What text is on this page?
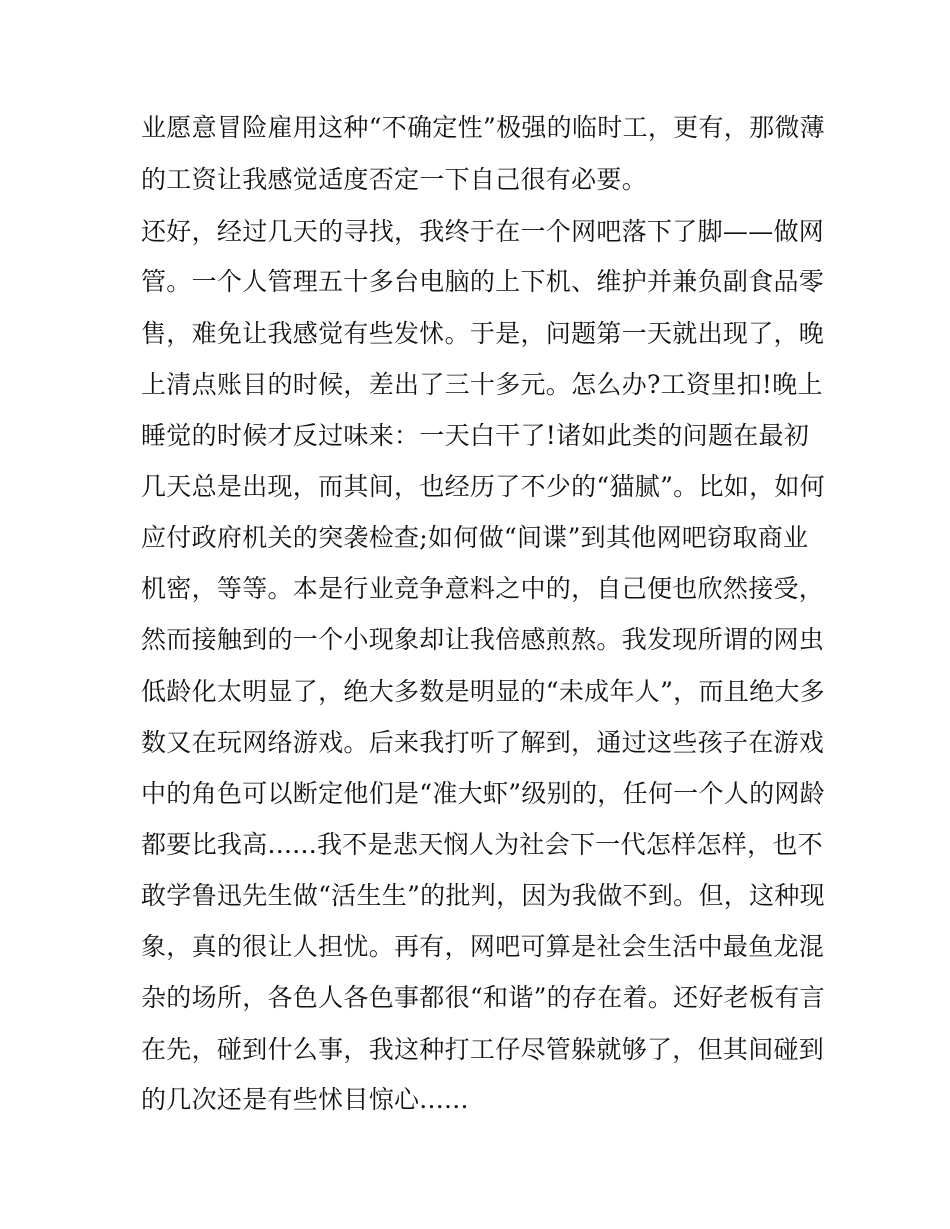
业愿意冒险雇用这种“不确定性”极强的临时工，更有，那微薄
的工资让我感觉适度否定一下自己很有必要。
还好，经过几天的寻找，我终于在一个网吧落下了脚——做网
管。一个人管理五十多台电脑的上下机、维护并兼负副食品零
售，难免让我感觉有些发怵。于是，问题第一天就出现了，晚
上清点账目的时候，差出了三十多元。怎么办?工资里扣!晚上
睡觉的时候才反过味来：一天白干了!诸如此类的问题在最初
几天总是出现，而其间，也经历了不少的“猫腻”。比如，如何
应付政府机关的突袭检查;如何做“间谍”到其他网吧窃取商业
机密，等等。本是行业竞争意料之中的，自己便也欣然接受，
然而接触到的一个小现象却让我倍感煎熬。我发现所谓的网虫
低龄化太明显了，绝大多数是明显的“未成年人”，而且绝大多
数又在玩网络游戏。后来我打听了解到，通过这些孩子在游戏
中的角色可以断定他们是“准大虾”级别的，任何一个人的网龄
都要比我高......我不是悲天悯人为社会下一代怎样怎样，也不
敢学鲁迅先生做“活生生”的批判，因为我做不到。但，这种现
象，真的很让人担忧。再有，网吧可算是社会生活中最鱼龙混
杂的场所，各色人各色事都很“和谐”的存在着。还好老板有言
在先，碰到什么事，我这种打工仔尽管躲就够了，但其间碰到
的几次还是有些怵目惊心......
